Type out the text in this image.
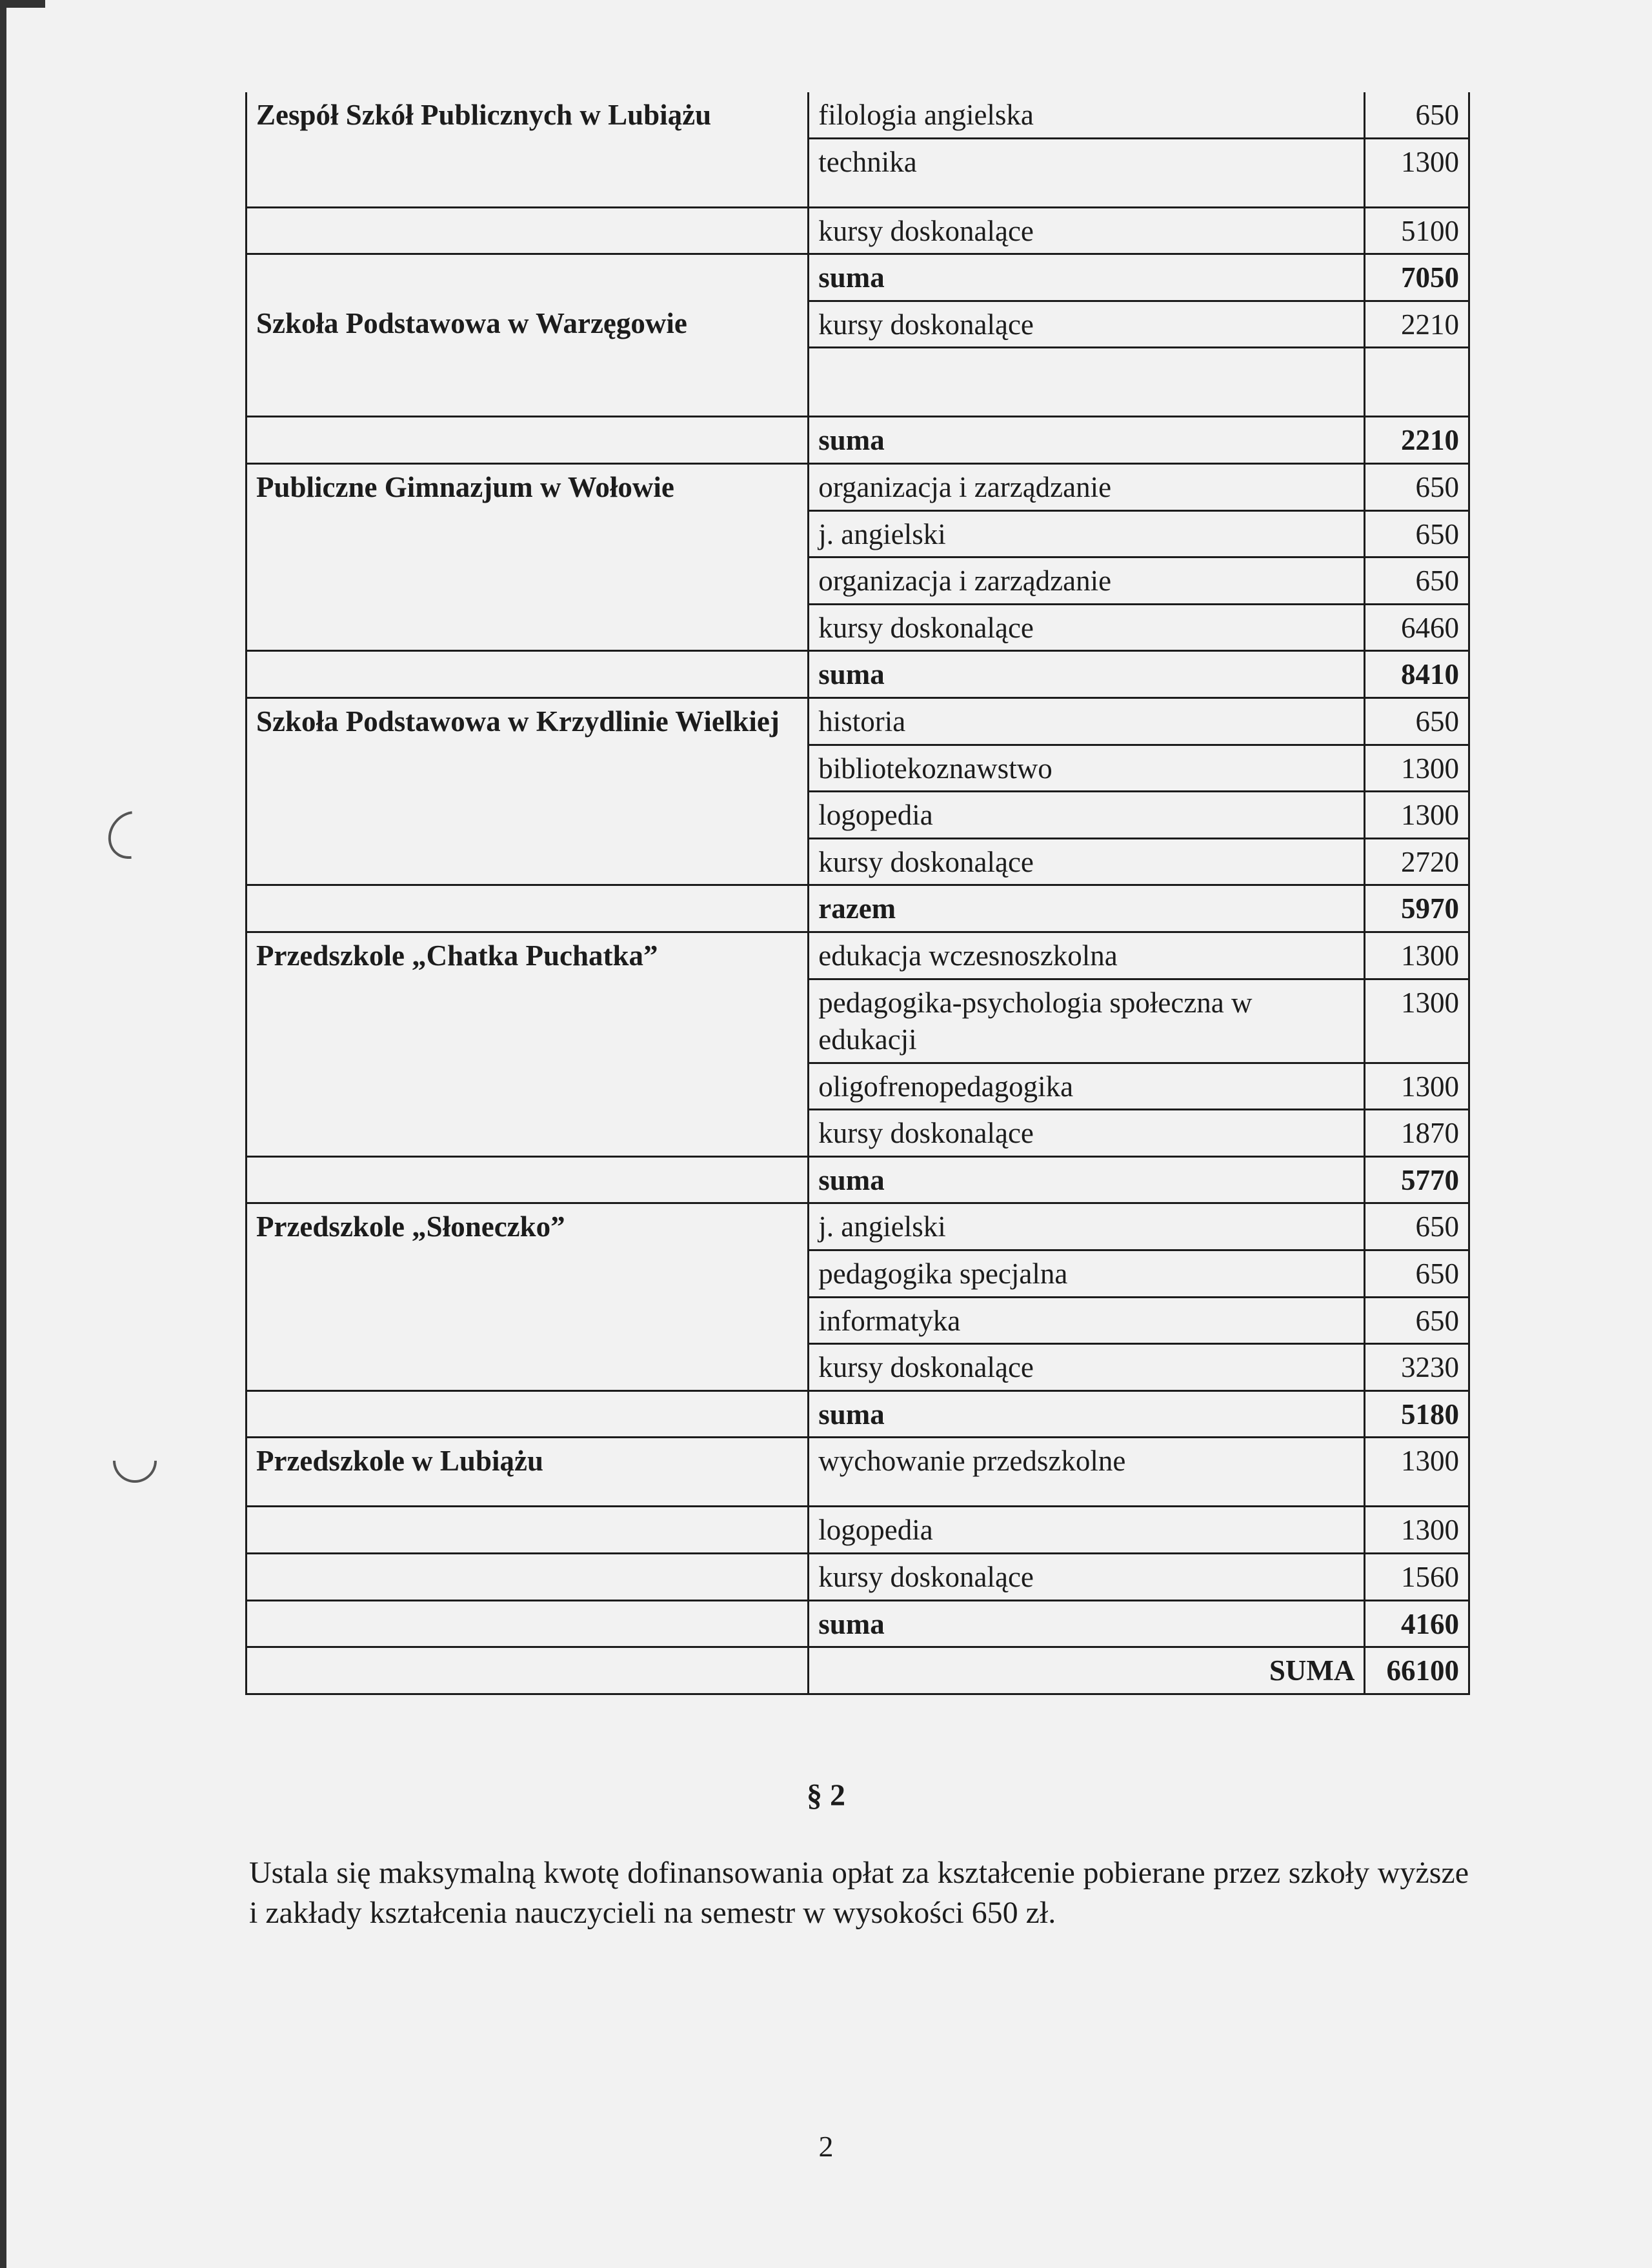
Zespół Szkół Publicznych w Lubiążu	filologia angielska	650
	technika	1300
	kursy doskonalące	5100
	suma	7050
Szkoła Podstawowa w Warzęgowie	kursy doskonalące	2210

	suma	2210
Publiczne Gimnazjum w Wołowie	organizacja i zarządzanie	650
	j. angielski	650
	organizacja i zarządzanie	650
	kursy doskonalące	6460
	suma	8410
Szkoła Podstawowa w Krzydlinie Wielkiej	historia	650
	bibliotekoznawstwo	1300
	logopedia	1300
	kursy doskonalące	2720
	razem	5970
Przedszkole „Chatka Puchatka”	edukacja wczesnoszkolna	1300
	pedagogika-psychologia społeczna w edukacji	1300
	oligofrenopedagogika	1300
	kursy doskonalące	1870
	suma	5770
Przedszkole „Słoneczko”	j. angielski	650
	pedagogika specjalna	650
	informatyka	650
	kursy doskonalące	3230
	suma	5180
Przedszkole w Lubiążu	wychowanie przedszkolne	1300
	logopedia	1300
	kursy doskonalące	1560
	suma	4160
	SUMA	66100
§ 2
Ustala się maksymalną kwotę dofinansowania opłat za kształcenie pobierane przez szkoły wyższe i zakłady kształcenia nauczycieli na semestr w wysokości 650 zł.
2
